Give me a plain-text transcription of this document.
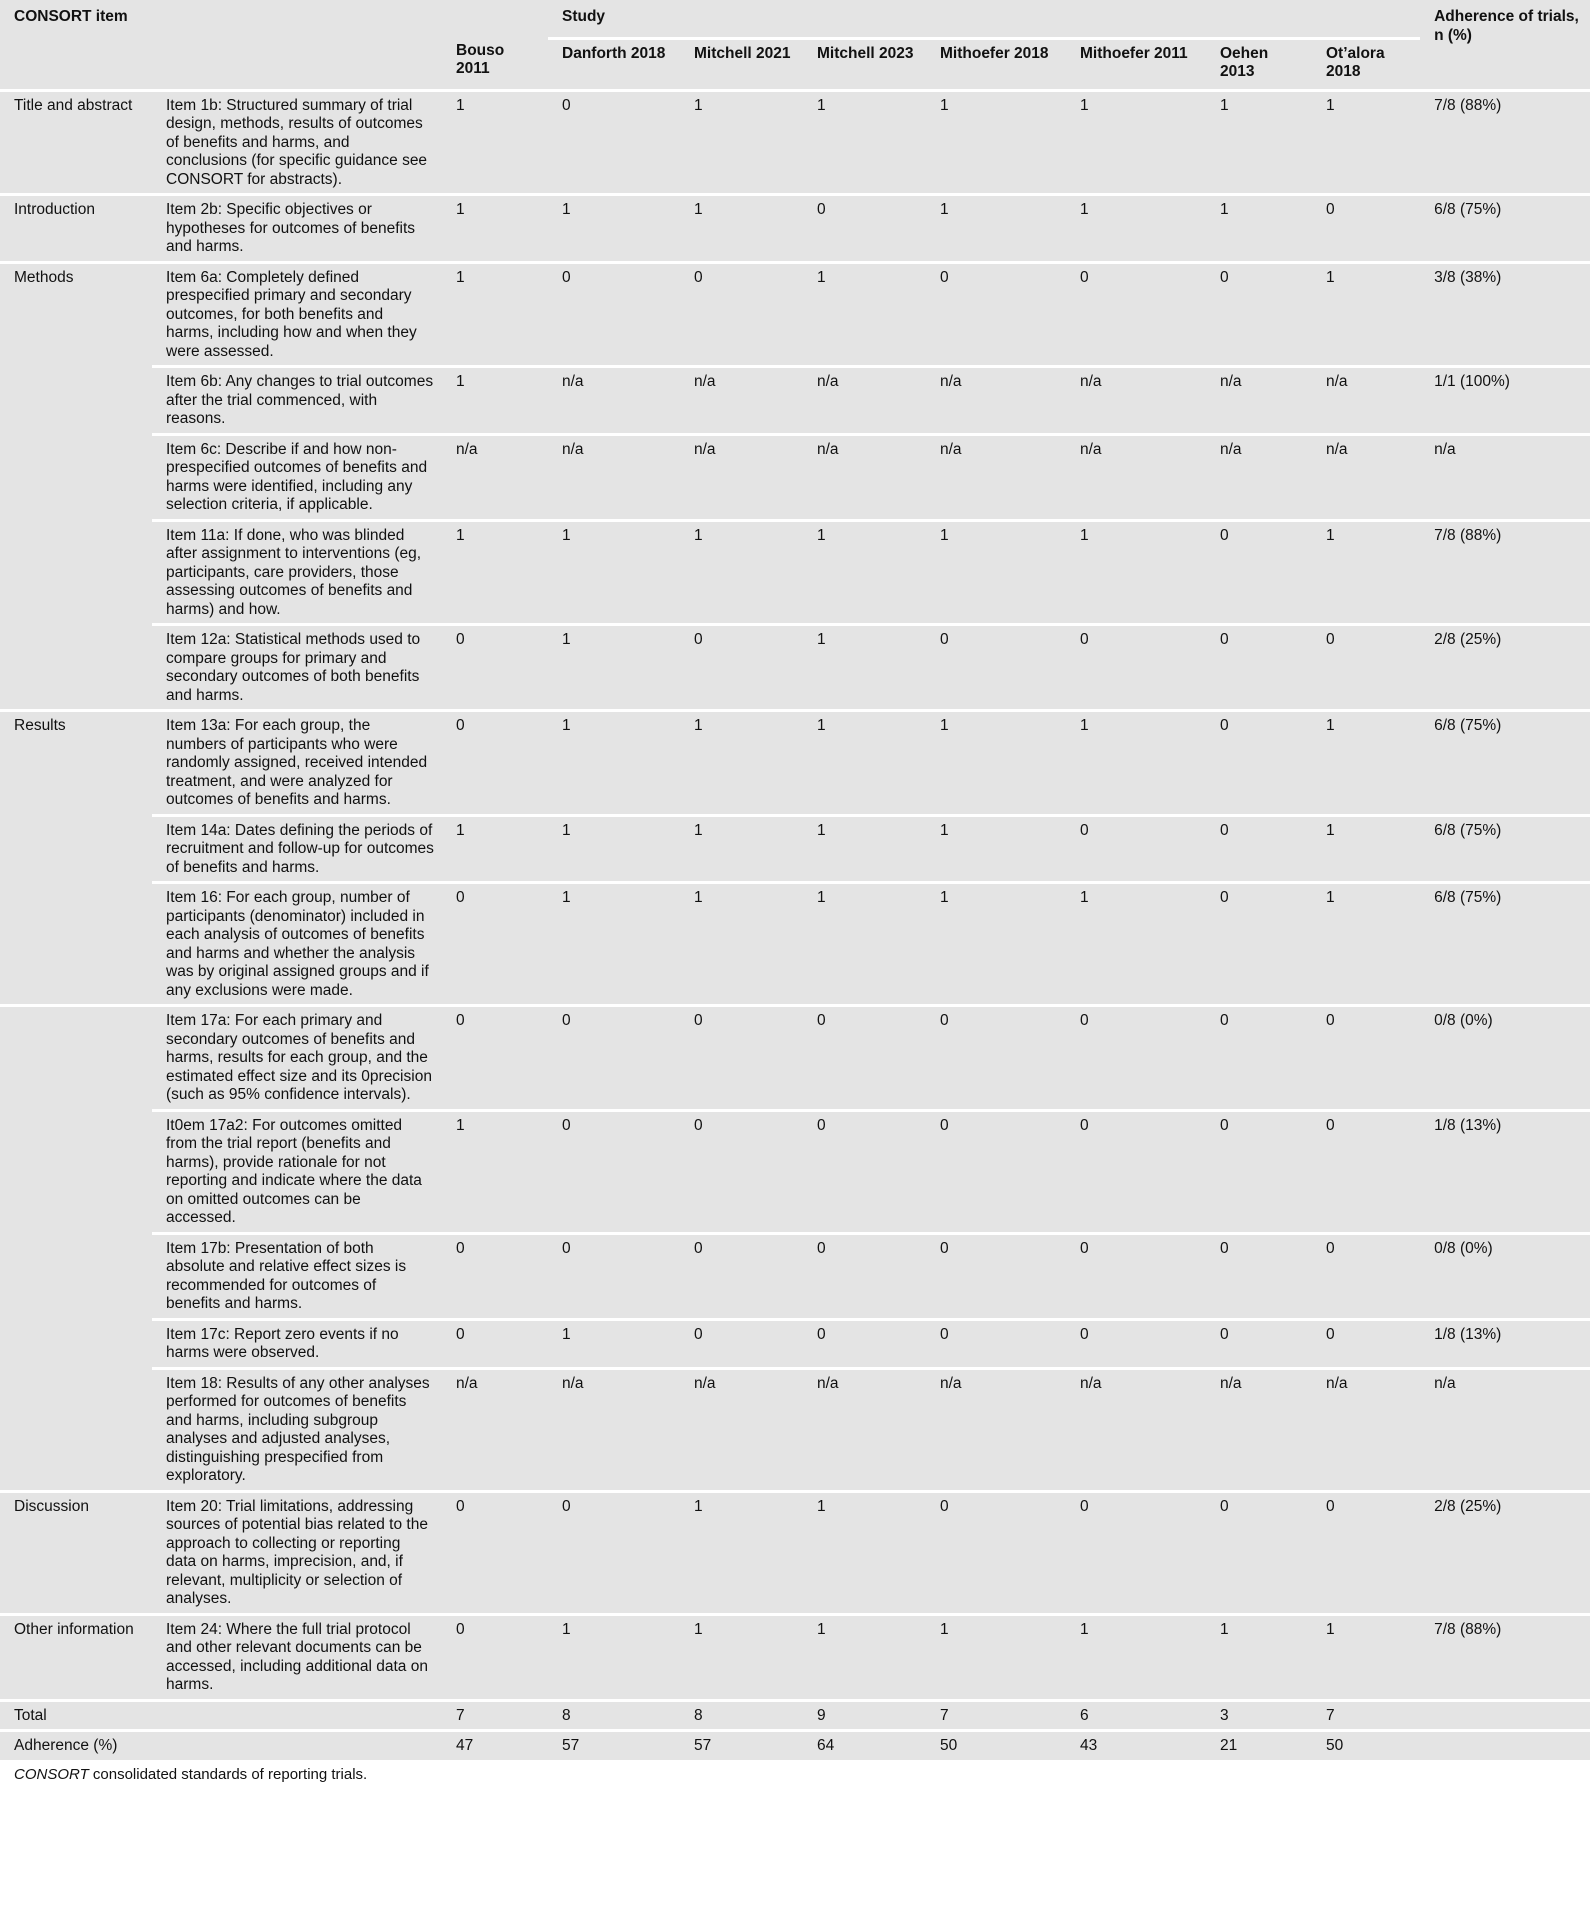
CONSORT item			Study							Adherence of trials, n (%)
		Bouso 2011	Danforth 2018	Mitchell 2021	Mitchell 2023	Mithoefer 2018	Mithoefer 2011	Oehen 2013	Ot’alora 2018	
Title and abstract	Item 1b: Structured summary of trial design, methods, results of outcomes of benefits and harms, and conclusions (for specific guidance see CONSORT for abstracts).	1	0	1	1	1	1	1	1	7/8 (88%)
Introduction	Item 2b: Specific objectives or hypotheses for outcomes of benefits and harms.	1	1	1	0	1	1	1	0	6/8 (75%)
Methods	Item 6a: Completely defined prespecified primary and secondary outcomes, for both benefits and harms, including how and when they were assessed.	1	0	0	1	0	0	0	1	3/8 (38%)
	Item 6b: Any changes to trial outcomes after the trial commenced, with reasons.	1	n/a	n/a	n/a	n/a	n/a	n/a	n/a	1/1 (100%)
	Item 6c: Describe if and how non-prespecified outcomes of benefits and harms were identified, including any selection criteria, if applicable.	n/a	n/a	n/a	n/a	n/a	n/a	n/a	n/a	n/a
	Item 11a: If done, who was blinded after assignment to interventions (eg, participants, care providers, those assessing outcomes of benefits and harms) and how.	1	1	1	1	1	1	0	1	7/8 (88%)
	Item 12a: Statistical methods used to compare groups for primary and secondary outcomes of both benefits and harms.	0	1	0	1	0	0	0	0	2/8 (25%)
Results	Item 13a: For each group, the numbers of participants who were randomly assigned, received intended treatment, and were analyzed for outcomes of benefits and harms.	0	1	1	1	1	1	0	1	6/8 (75%)
	Item 14a: Dates defining the periods of recruitment and follow-up for outcomes of benefits and harms.	1	1	1	1	1	0	0	1	6/8 (75%)
	Item 16: For each group, number of participants (denominator) included in each analysis of outcomes of benefits and harms and whether the analysis was by original assigned groups and if any exclusions were made.	0	1	1	1	1	1	0	1	6/8 (75%)
	Item 17a: For each primary and secondary outcomes of benefits and harms, results for each group, and the estimated effect size and its 0precision (such as 95% confidence intervals).	0	0	0	0	0	0	0	0	0/8 (0%)
	It0em 17a2: For outcomes omitted from the trial report (benefits and harms), provide rationale for not reporting and indicate where the data on omitted outcomes can be accessed.	1	0	0	0	0	0	0	0	1/8 (13%)
	Item 17b: Presentation of both absolute and relative effect sizes is recommended for outcomes of benefits and harms.	0	0	0	0	0	0	0	0	0/8 (0%)
	Item 17c: Report zero events if no harms were observed.	0	1	0	0	0	0	0	0	1/8 (13%)
	Item 18: Results of any other analyses performed for outcomes of benefits and harms, including subgroup analyses and adjusted analyses, distinguishing prespecified from exploratory.	n/a	n/a	n/a	n/a	n/a	n/a	n/a	n/a	n/a
Discussion	Item 20: Trial limitations, addressing sources of potential bias related to the approach to collecting or reporting data on harms, imprecision, and, if relevant, multiplicity or selection of analyses.	0	0	1	1	0	0	0	0	2/8 (25%)
Other information	Item 24: Where the full trial protocol and other relevant documents can be accessed, including additional data on harms.	0	1	1	1	1	1	1	1	7/8 (88%)
Total		7	8	8	9	7	6	3	7	
Adherence (%)		47	57	57	64	50	43	21	50	
CONSORT consolidated standards of reporting trials.
